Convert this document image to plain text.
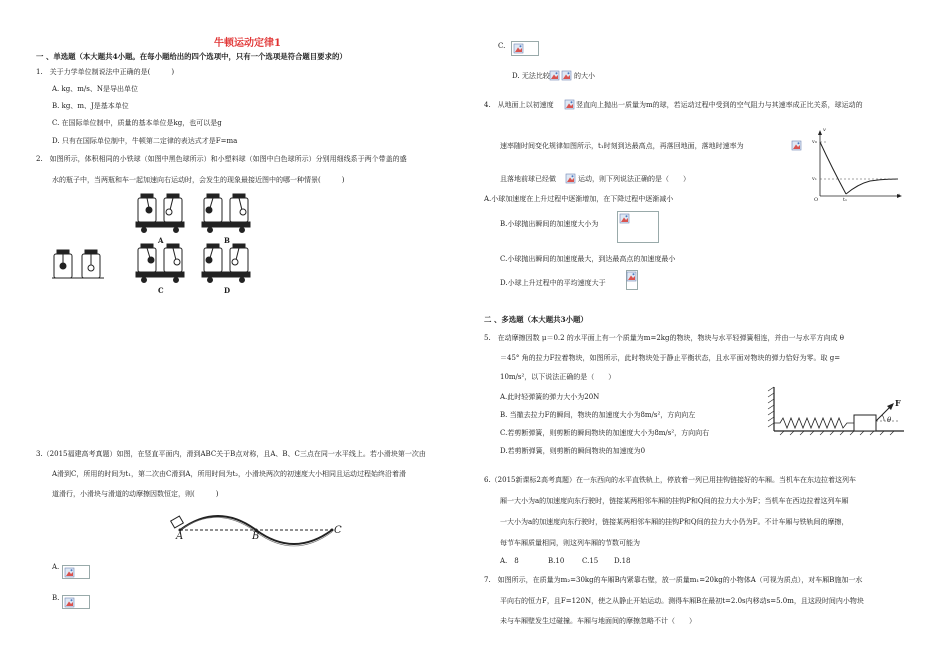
牛顿运动定律1
一 、单选题（本大题共4小题。在每小题给出的四个选项中，只有一个选项是符合题目要求的）
1.　关于力学单位制说法中正确的是(　　　)
A. kg、m/s、N是导出单位
B. kg、m、J是基本单位
C. 在国际单位制中，质量的基本单位是kg，也可以是g
D. 只有在国际单位制中，牛顿第二定律的表达式才是F=ma
2.　如图所示，体积相同的小铁球（如图中黑色球所示）和小塑料球（如图中白色球所示）分别用细线系于两个带盖的盛
水的瓶子中，当两瓶和车一起加速向右运动时，会发生的现象最接近图中的哪一种情景(　　　)
A	B
C	D
3.（2015福建高考真题）如图，在竖直平面内，滑到ABC关于B点对称，且A、B、C三点在同一水平线上。若小滑块第一次由
A滑到C，所用的时间为t₁，第二次由C滑到A，所用时间为t₂，小滑块两次的初速度大小相同且运动过程始终沿着滑
道滑行，小滑块与滑道的动摩擦因数恒定，则(　　　)
A	B
C
A.
B.
C.
D. 无法比较	的大小
4.　从地面上以初速度	竖直向上抛出一质量为m的球，若运动过程中受到的空气阻力与其速率成正比关系，球运动的
速率随时间变化规律如图所示，t₁时刻到达最高点，再落回地面，落地时速率为
且落地前球已经做	运动，则下列说法正确的是（　　）
v
t
v₀
v₁
t₁
O
A.小球加速度在上升过程中逐渐增加，在下降过程中逐渐减小
B.小球抛出瞬间的加速度大小为
C.小球抛出瞬间的加速度最大，到达最高点的加速度最小
D.小球上升过程中的平均速度大于
二 、多选题（本大题共3小题）
5.　在动摩擦因数 μ＝0.2 的水平面上有一个质量为m=2kg的物块，物块与水平轻弹簧相连，并由一与水平方向成 θ
＝45° 角的拉力F拉着物块，如图所示，此时物块处于静止平衡状态，且水平面对物块的弹力恰好为零。取 g=
10m/s²，以下说法正确的是（　　）
A.此时轻弹簧的弹力大小为20N
B. 当撤去拉力F的瞬间，物块的加速度大小为8m/s²，方向向左
C.若剪断弹簧，则剪断的瞬间物块的加速度大小为8m/s²，方向向右
D.若剪断弹簧，则剪断的瞬间物块的加速度为0
F
θ
6.（2015新课标2高考真题）在一东西向的水平直铁轨上，停放着一列已用挂钩链接好的车厢。当机车在东边拉着这列车
厢一大小为a的加速度向东行驶时，链接某两相邻车厢的挂钩P和Q间的拉力大小为F；当机车在西边拉着这列车厢
一大小为a的加速度向东行驶时，链接某两相邻车厢的挂钩P和Q间的拉力大小仍为F。不计车厢与铁轨间的摩擦，
每节车厢质量相同，则这列车厢的节数可能为
A.　8	B.10	C.15 D.18
7.　如图所示，在质量为m₂=30kg的车厢B内紧靠右壁，放一质量m₁=20kg的小物体A（可视为质点），对车厢B施加一水
平向右的恒力F，且F=120N，使之从静止开始运动。测得车厢B在最初t=2.0s内移动s=5.0m，且这段时间内小物块
未与车厢壁发生过碰撞。车厢与地面间的摩擦忽略不计（　　）
